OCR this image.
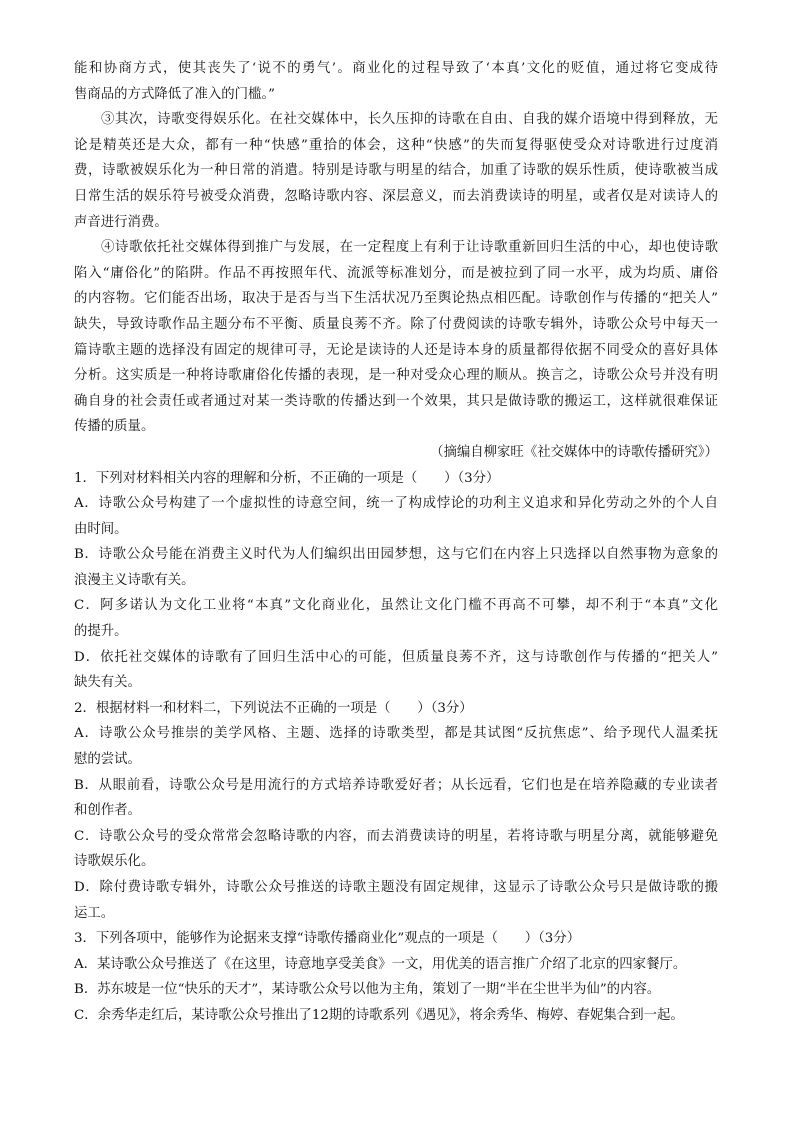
能和协商方式，使其丧失了‘说不的勇气’。商业化的过程导致了‘本真’文化的贬值，通过将它变成待
售商品的方式降低了准入的门槛。”
③其次，诗歌变得娱乐化。在社交媒体中，长久压抑的诗歌在自由、自我的媒介语境中得到释放，无
论是精英还是大众，都有一种“快感”重拾的体会，这种“快感”的失而复得驱使受众对诗歌进行过度消
费，诗歌被娱乐化为一种日常的消遣。特别是诗歌与明星的结合，加重了诗歌的娱乐性质，使诗歌被当成
日常生活的娱乐符号被受众消费，忽略诗歌内容、深层意义，而去消费读诗的明星，或者仅是对读诗人的
声音进行消费。
④诗歌依托社交媒体得到推广与发展，在一定程度上有利于让诗歌重新回归生活的中心，却也使诗歌
陷入“庸俗化”的陷阱。作品不再按照年代、流派等标准划分，而是被拉到了同一水平，成为均质、庸俗
的内容物。它们能否出场，取决于是否与当下生活状况乃至舆论热点相匹配。诗歌创作与传播的“把关人”
缺失，导致诗歌作品主题分布不平衡、质量良莠不齐。除了付费阅读的诗歌专辑外，诗歌公众号中每天一
篇诗歌主题的选择没有固定的规律可寻，无论是读诗的人还是诗本身的质量都得依据不同受众的喜好具体
分析。这实质是一种将诗歌庸俗化传播的表现，是一种对受众心理的顺从。换言之，诗歌公众号并没有明
确自身的社会责任或者通过对某一类诗歌的传播达到一个效果，其只是做诗歌的搬运工，这样就很难保证
传播的质量。
（摘编自柳家旺《社交媒体中的诗歌传播研究》）
1．下列对材料相关内容的理解和分析，不正确的一项是（　　）（3分）
A．诗歌公众号构建了一个虚拟性的诗意空间，统一了构成悖论的功利主义追求和异化劳动之外的个人自
由时间。
B．诗歌公众号能在消费主义时代为人们编织出田园梦想，这与它们在内容上只选择以自然事物为意象的
浪漫主义诗歌有关。
C．阿多诺认为文化工业将“本真”文化商业化，虽然让文化门槛不再高不可攀，却不利于“本真”文化
的提升。
D．依托社交媒体的诗歌有了回归生活中心的可能，但质量良莠不齐，这与诗歌创作与传播的“把关人”
缺失有关。
2．根据材料一和材料二，下列说法不正确的一项是（　　）（3分）
A．诗歌公众号推崇的美学风格、主题、选择的诗歌类型，都是其试图“反抗焦虑”、给予现代人温柔抚
慰的尝试。
B．从眼前看，诗歌公众号是用流行的方式培养诗歌爱好者；从长远看，它们也是在培养隐藏的专业读者
和创作者。
C．诗歌公众号的受众常常会忽略诗歌的内容，而去消费读诗的明星，若将诗歌与明星分离，就能够避免
诗歌娱乐化。
D．除付费诗歌专辑外，诗歌公众号推送的诗歌主题没有固定规律，这显示了诗歌公众号只是做诗歌的搬
运工。
3．下列各项中，能够作为论据来支撑“诗歌传播商业化”观点的一项是（　　）（3分）
A．某诗歌公众号推送了《在这里，诗意地享受美食》一文，用优美的语言推广介绍了北京的四家餐厅。
B．苏东坡是一位“快乐的天才”，某诗歌公众号以他为主角，策划了一期“半在尘世半为仙”的内容。
C．余秀华走红后，某诗歌公众号推出了12期的诗歌系列《遇见》，将余秀华、梅婷、春妮集合到一起。
